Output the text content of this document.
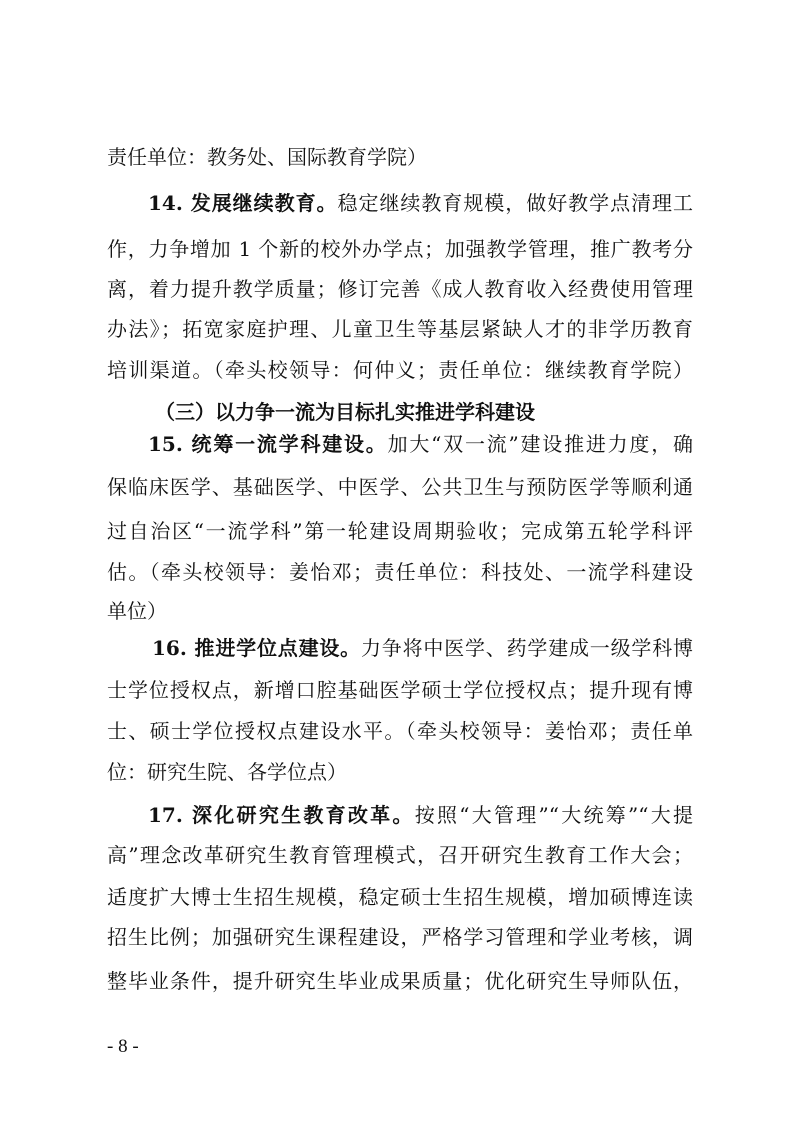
责任单位：教务处、国际教育学院）
14. 发展继续教育。稳定继续教育规模，做好教学点清理工
作，力争增加 1 个新的校外办学点；加强教学管理，推广教考分
离，着力提升教学质量；修订完善《成人教育收入经费使用管理
办法》；拓宽家庭护理、儿童卫生等基层紧缺人才的非学历教育
培训渠道。（牵头校领导：何仲义；责任单位：继续教育学院）
（三）以力争一流为目标扎实推进学科建设
15. 统筹一流学科建设。加大“双一流”建设推进力度，确
保临床医学、基础医学、中医学、公共卫生与预防医学等顺利通
过自治区“一流学科”第一轮建设周期验收；完成第五轮学科评
估。（牵头校领导：姜怡邓；责任单位：科技处、一流学科建设
单位）
16. 推进学位点建设。力争将中医学、药学建成一级学科博
士学位授权点，新增口腔基础医学硕士学位授权点；提升现有博
士、硕士学位授权点建设水平。（牵头校领导：姜怡邓；责任单
位：研究生院、各学位点）
17. 深化研究生教育改革。按照“大管理”“大统筹”“大提
高”理念改革研究生教育管理模式，召开研究生教育工作大会；
适度扩大博士生招生规模，稳定硕士生招生规模，增加硕博连读
招生比例；加强研究生课程建设，严格学习管理和学业考核，调
整毕业条件，提升研究生毕业成果质量；优化研究生导师队伍，
- 8 -
